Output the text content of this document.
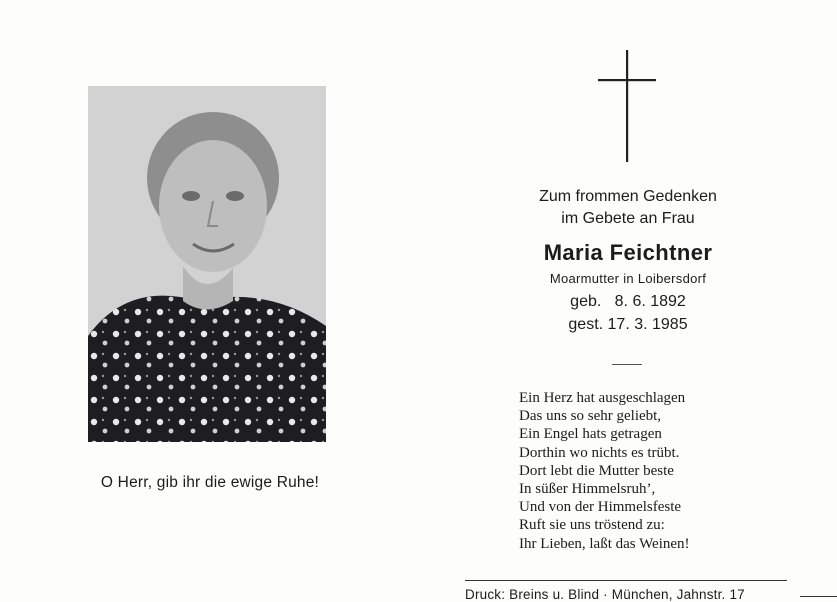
O Herr, gib ihr die ewige Ruhe!
Zum frommen Gedenken
im Gebete an Frau
Maria Feichtner
Moarmutter in Loibersdorf
geb.   8. 6. 1892
gest. 17. 3. 1985
Ein Herz hat ausgeschlagen
Das uns so sehr geliebt,
Ein Engel hats getragen
Dorthin wo nichts es trübt.
Dort lebt die Mutter beste
In süßer Himmelsruh’,
Und von der Himmelsfeste
Ruft sie uns tröstend zu:
Ihr Lieben, laßt das Weinen!
Druck: Breins u. Blind · München, Jahnstr. 17
